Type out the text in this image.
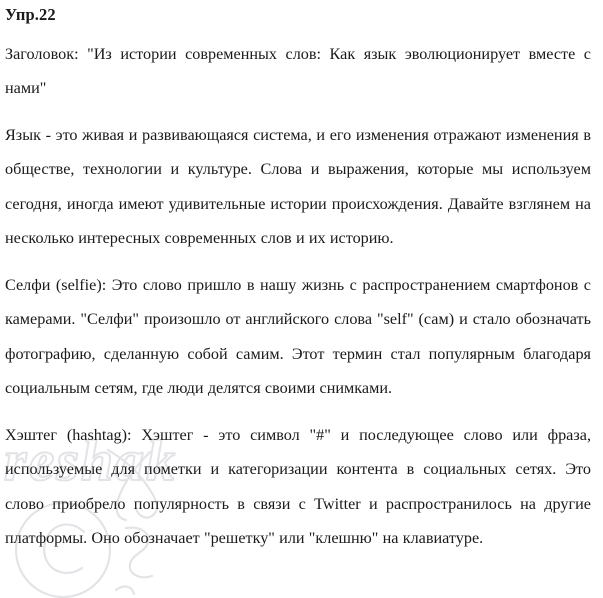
reshak
Упр.22

Заголовок: "Из истории современных слов: Как язык эволюционирует вместе с нами"

Язык - это живая и развивающаяся система, и его изменения отражают изменения в обществе, технологии и культуре. Слова и выражения, которые мы используем сегодня, иногда имеют удивительные истории происхождения. Давайте взглянем на несколько интересных современных слов и их историю.

Селфи (selfie): Это слово пришло в нашу жизнь с распространением смартфонов с камерами. "Селфи" произошло от английского слова "self" (сам) и стало обозначать фотографию, сделанную собой самим. Этот термин стал популярным благодаря социальным сетям, где люди делятся своими снимками.

Хэштег (hashtag): Хэштег - это символ "#" и последующее слово или фраза, используемые для пометки и категоризации контента в социальных сетях. Это слово приобрело популярность в связи с Twitter и распространилось на другие платформы. Оно обозначает "решетку" или "клешню" на клавиатуре.
